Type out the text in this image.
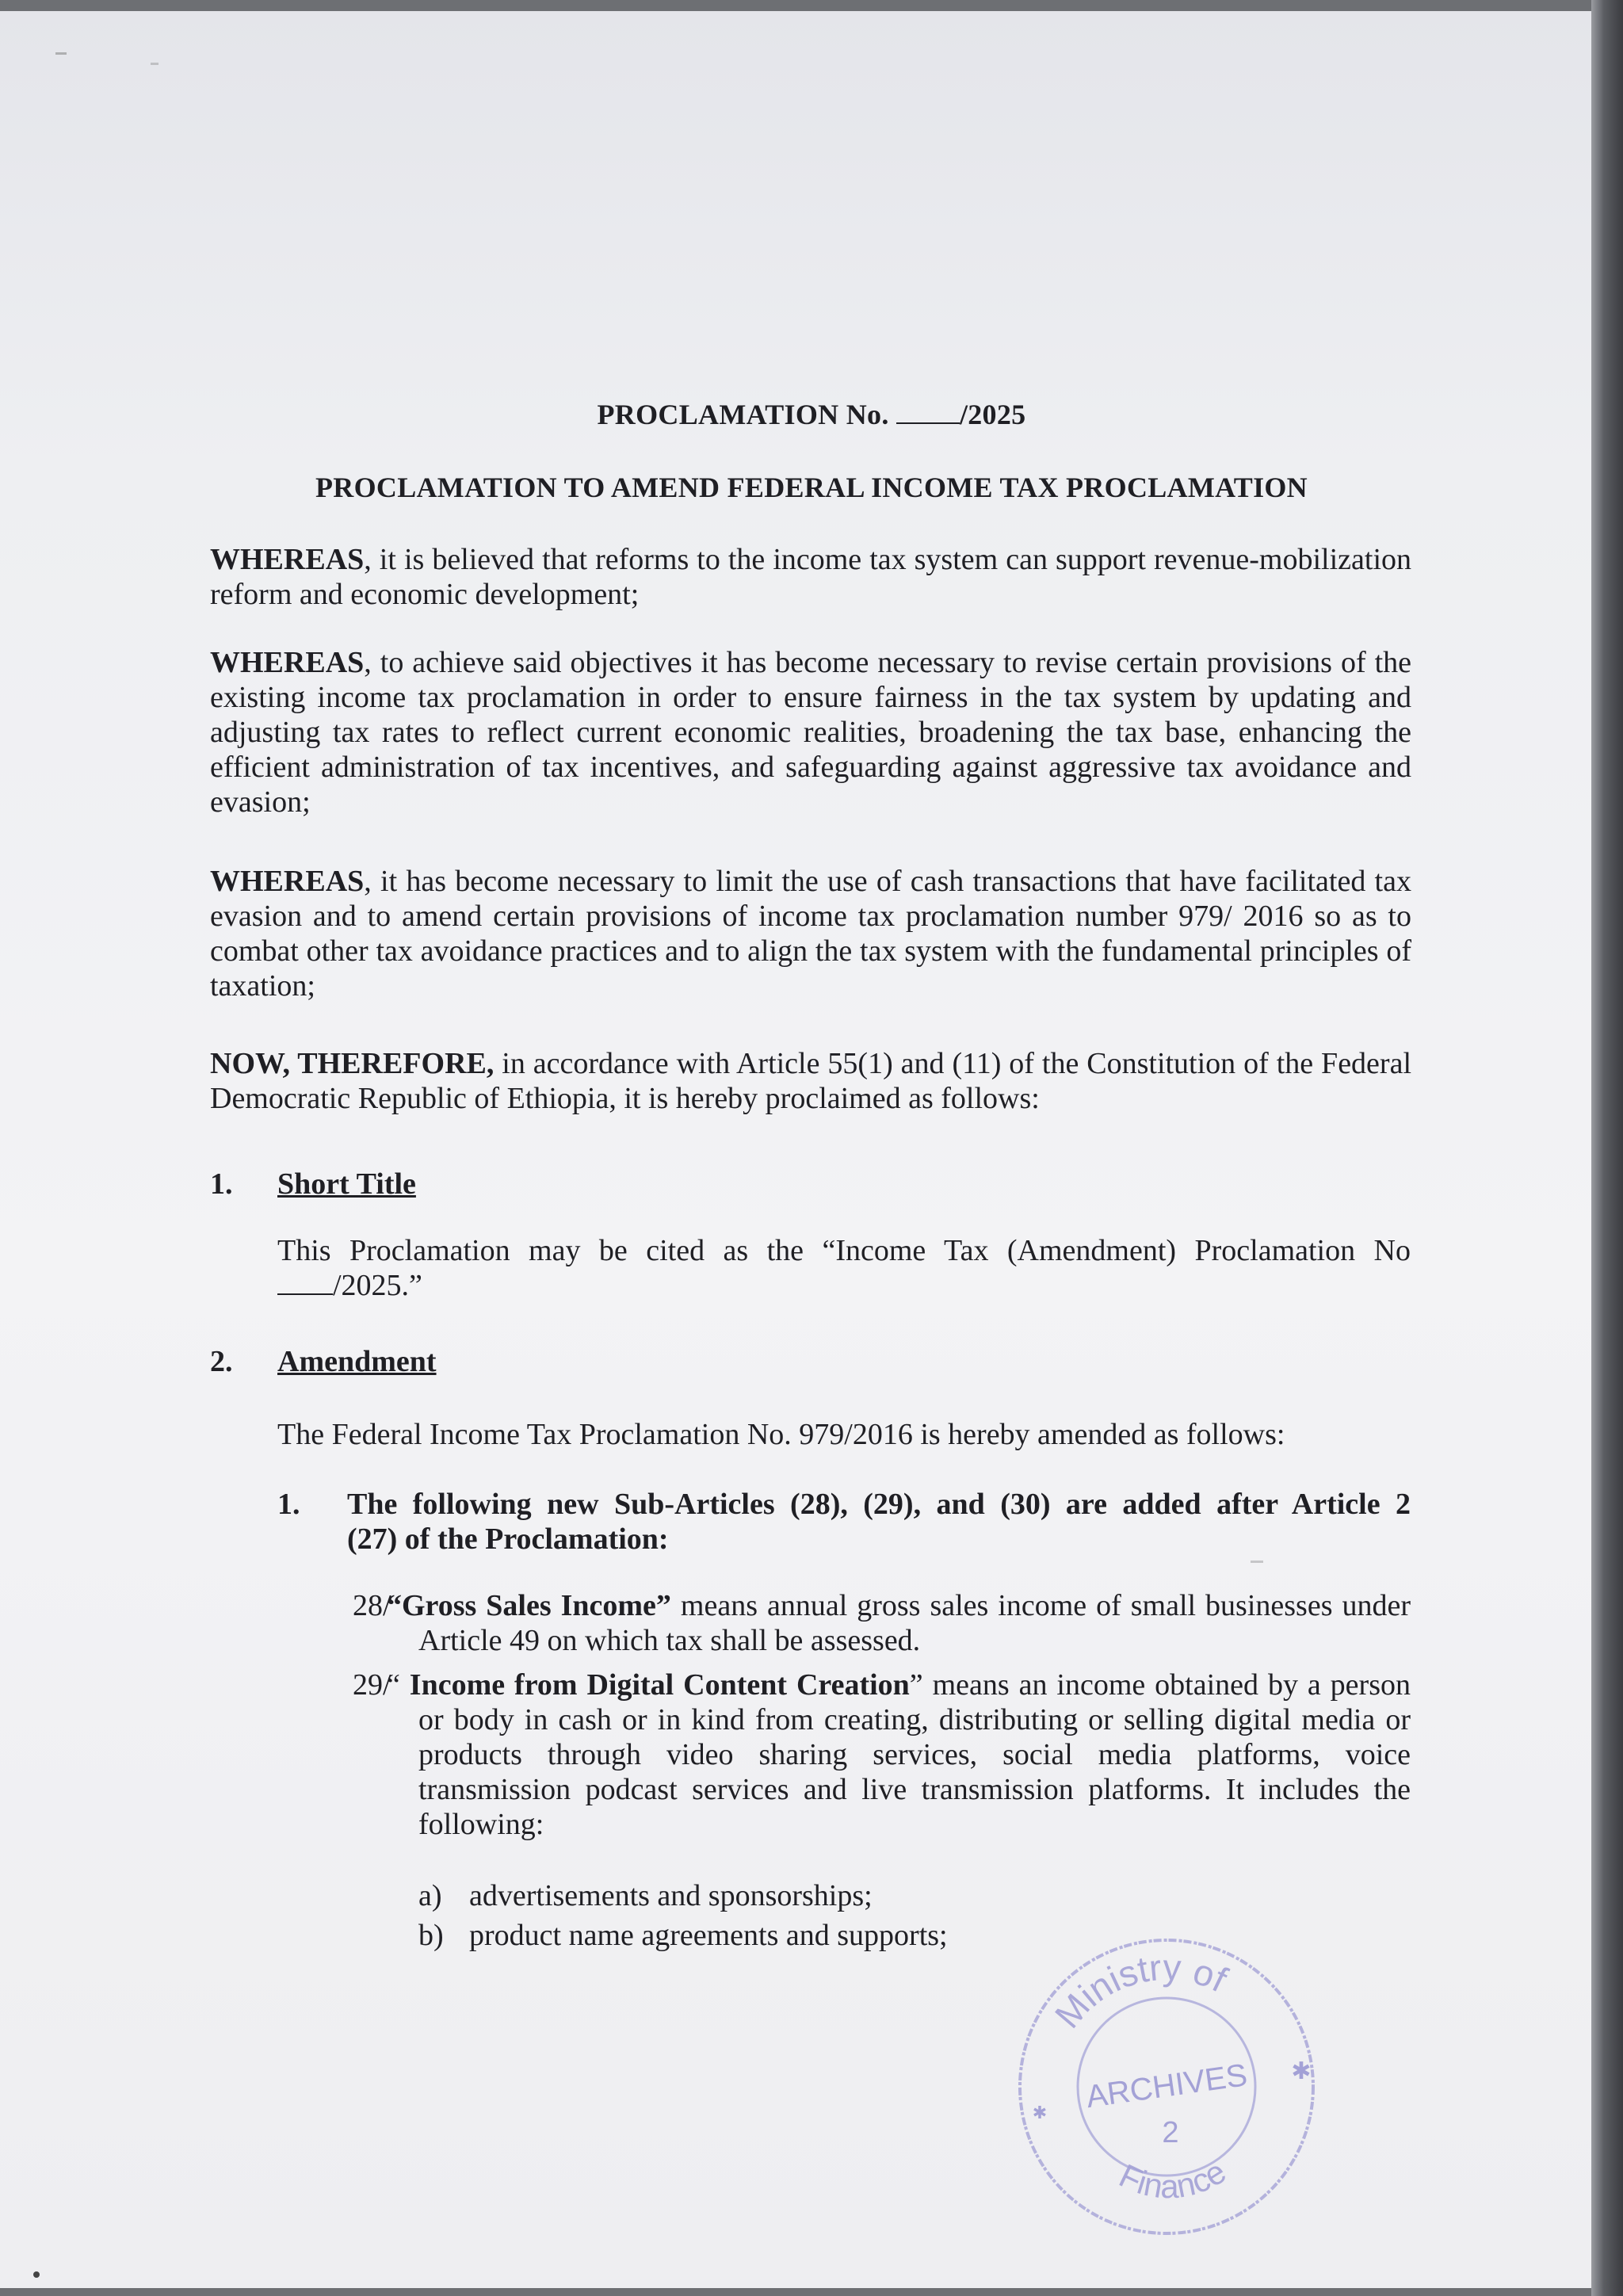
PROCLAMATION No. /2025
PROCLAMATION TO AMEND FEDERAL INCOME TAX PROCLAMATION
WHEREAS, it is believed that reforms to the income tax system can support revenue-mobilization reform and economic development;
WHEREAS, to achieve said objectives it has become necessary to revise certain provisions of the existing income tax proclamation in order to ensure fairness in the tax system by updating and adjusting tax rates to reflect current economic realities, broadening the tax base, enhancing the efficient administration of tax incentives, and safeguarding against aggressive tax avoidance and evasion;
WHEREAS, it has become necessary to limit the use of cash transactions that have facilitated tax evasion and to amend certain provisions of income tax proclamation number 979/ 2016 so as to combat other tax avoidance practices and to align the tax system with the fundamental principles of taxation;
NOW, THEREFORE, in accordance with Article 55(1) and (11) of the Constitution of the Federal Democratic Republic of Ethiopia, it is hereby proclaimed as follows:
1. Short Title
This Proclamation may be cited as the “Income Tax (Amendment) Proclamation No
/2025.”
2. Amendment
The Federal Income Tax Proclamation No. 979/2016 is hereby amended as follows:
1. The following new Sub-Articles (28), (29), and (30) are added after Article 2
(27) of the Proclamation:
28/
“Gross Sales Income” means annual gross sales income of small businesses under Article 49 on which tax shall be assessed.
29/
“ Income from Digital Content Creation” means an income obtained by a person or body in cash or in kind from creating, distributing or selling digital media or products through video sharing services, social media platforms, voice transmission podcast services and live transmission platforms. It includes the following:
a) advertisements and sponsorships;
b) product name agreements and supports;
Ministry of
Finance
ARCHIVES
2
✱
✱
